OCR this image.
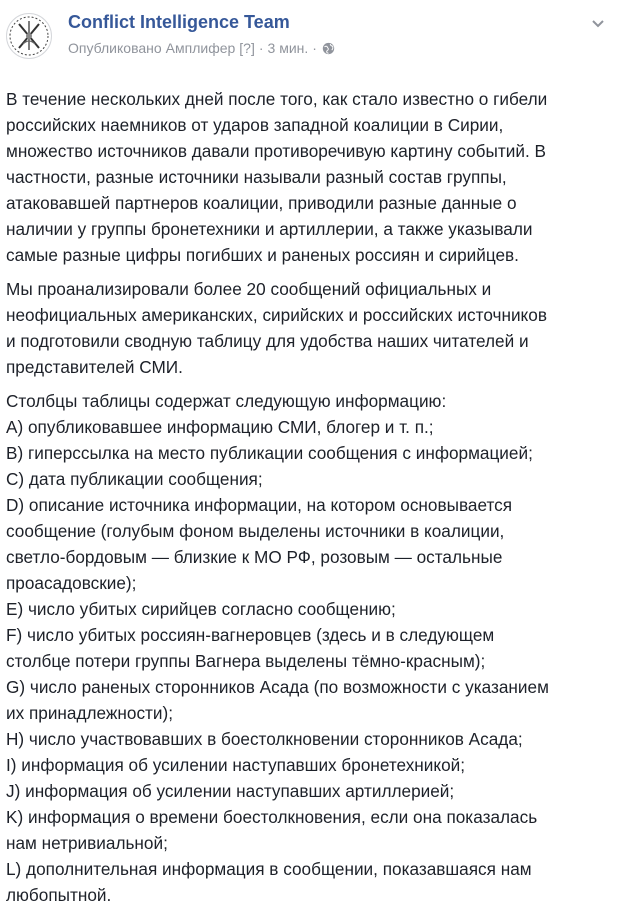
Conflict Intelligence Team
Опубликовано Амплифер [?] · 3 мин. ·

В течение нескольких дней после того, как стало известно о гибели
российских наемников от ударов западной коалиции в Сирии,
множество источников давали противоречивую картину событий. В
частности, разные источники называли разный состав группы,
атаковавшей партнеров коалиции, приводили разные данные о
наличии у группы бронетехники и артиллерии, а также указывали
самые разные цифры погибших и раненых россиян и сирийцев.

Мы проанализировали более 20 сообщений официальных и
неофициальных американских, сирийских и российских источников
и подготовили сводную таблицу для удобства наших читателей и
представителей СМИ.

Столбцы таблицы содержат следующую информацию:
A) опубликовавшее информацию СМИ, блогер и т. п.;
B) гиперссылка на место публикации сообщения с информацией;
C) дата публикации сообщения;
D) описание источника информации, на котором основывается
сообщение (голубым фоном выделены источники в коалиции,
светло-бордовым — близкие к МО РФ, розовым — остальные
проасадовские);
E) число убитых сирийцев согласно сообщению;
F) число убитых россиян-вагнеровцев (здесь и в следующем
столбце потери группы Вагнера выделены тёмно-красным);
G) число раненых сторонников Асада (по возможности с указанием
их принадлежности);
H) число участвовавших в боестолкновении сторонников Асада;
I) информация об усилении наступавших бронетехникой;
J) информация об усилении наступавших артиллерией;
K) информация о времени боестолкновения, если она показалась
нам нетривиальной;
L) дополнительная информация в сообщении, показавшаяся нам
любопытной.
